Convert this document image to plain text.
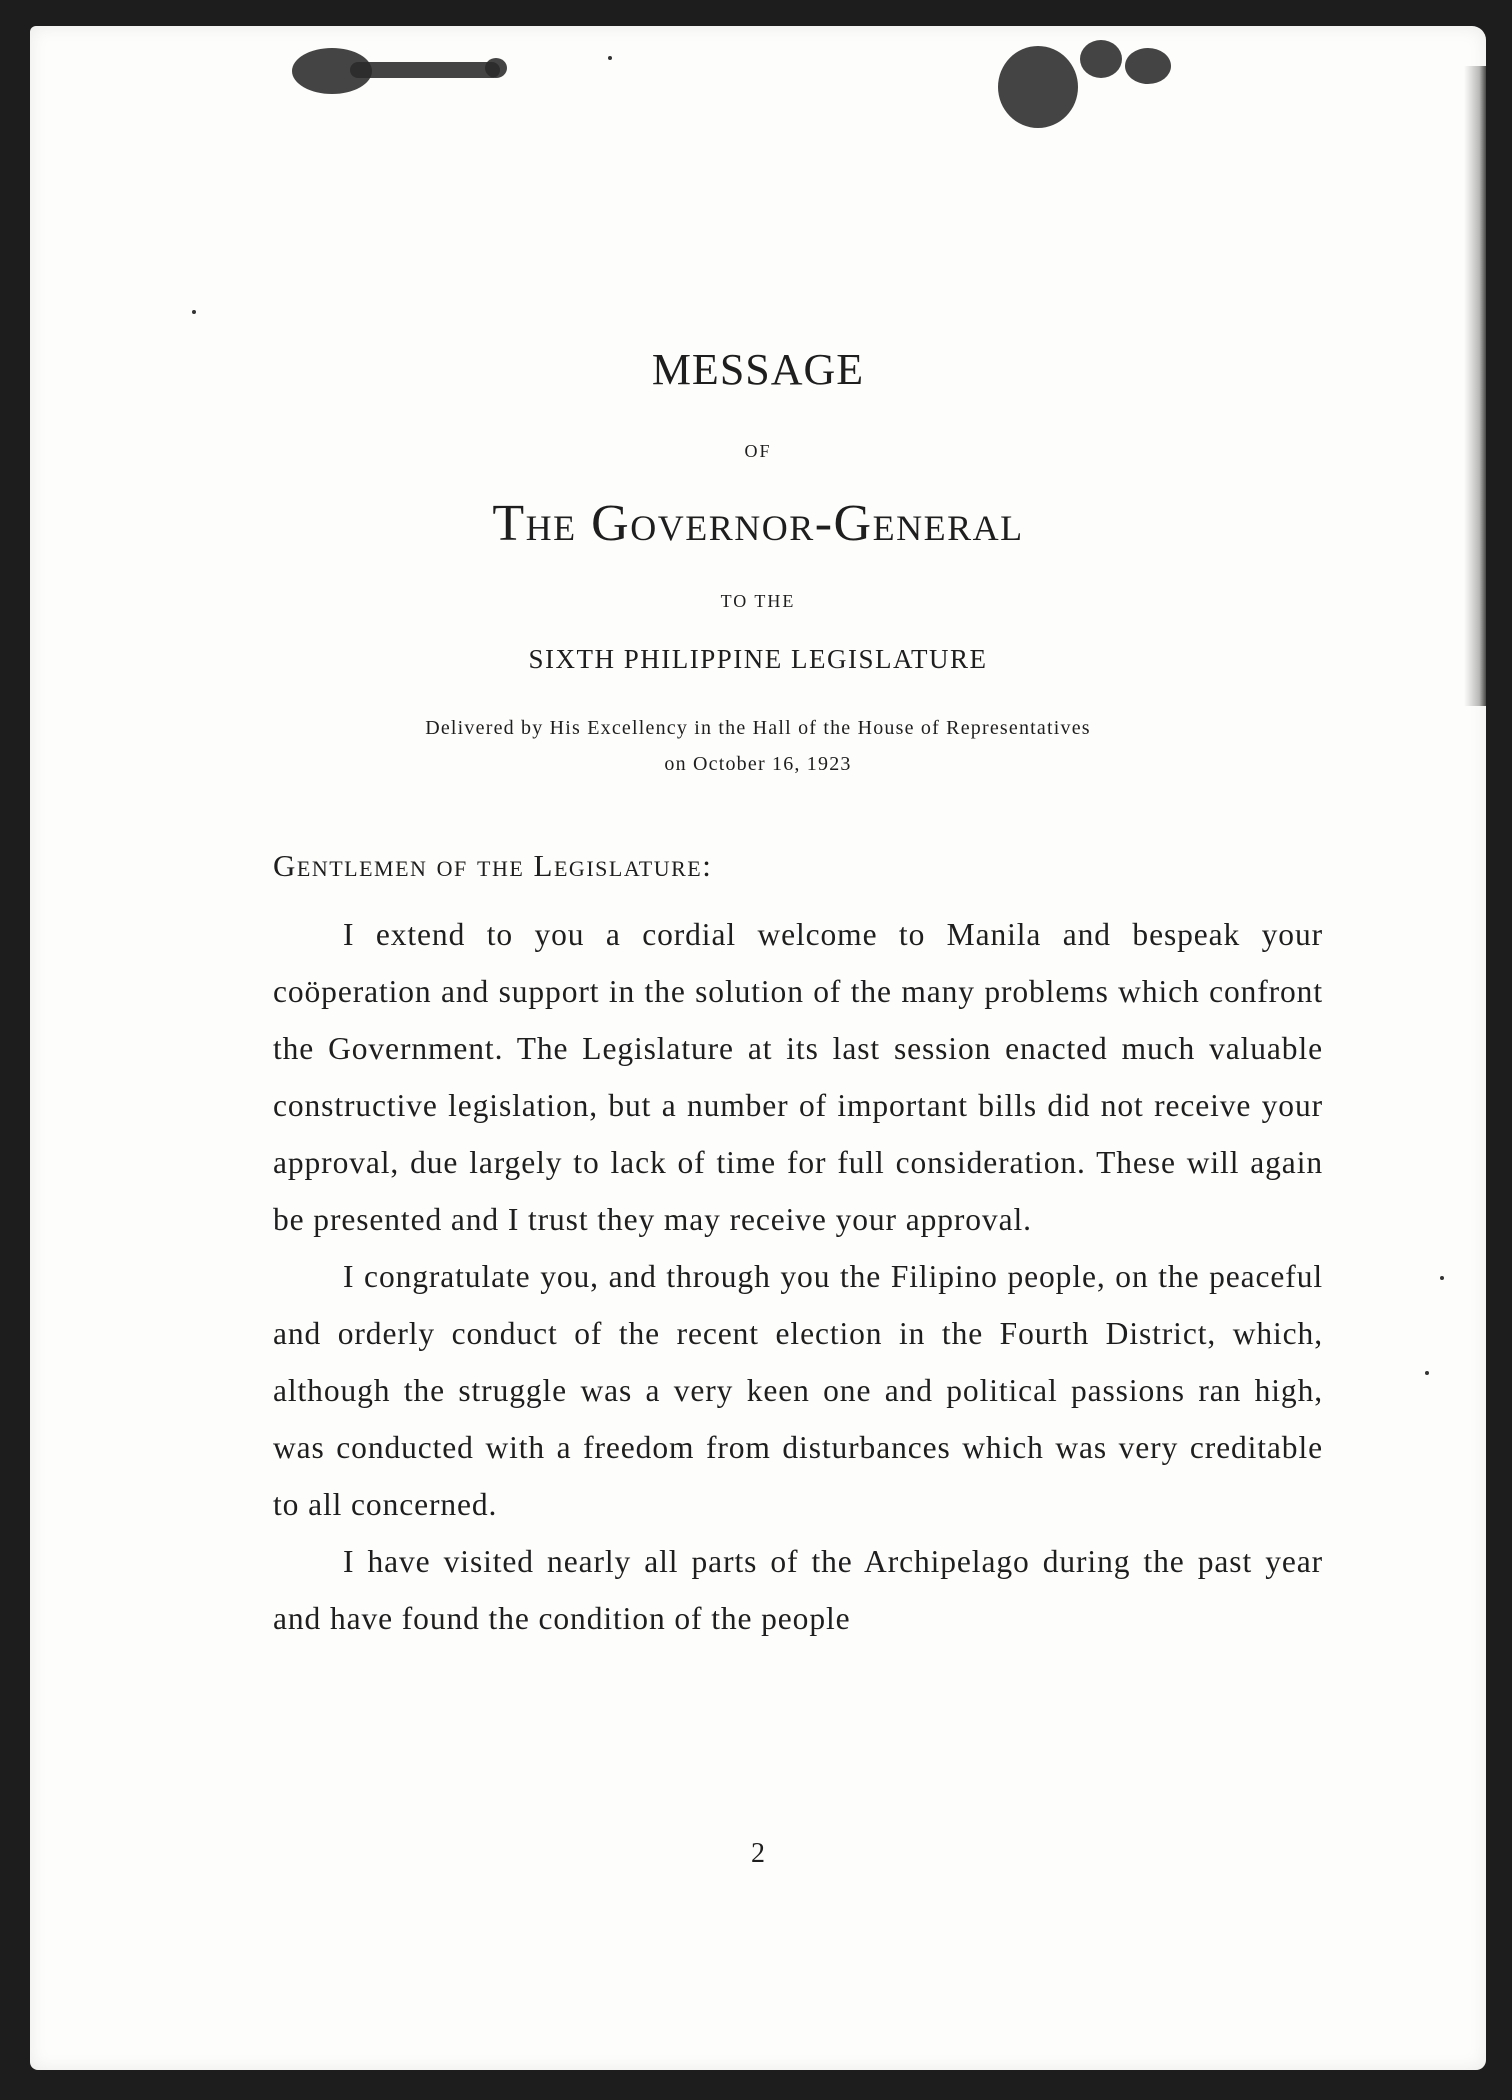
MESSAGE
OF
The Governor-General
TO THE
SIXTH PHILIPPINE LEGISLATURE
Delivered by His Excellency in the Hall of the House of Representatives
on October 16, 1923
Gentlemen of the Legislature:

I extend to you a cordial welcome to Manila and bespeak your coöperation and support in the solution of the many problems which confront the Government. The Legislature at its last session enacted much valuable constructive legislation, but a number of important bills did not receive your approval, due largely to lack of time for full consideration. These will again be presented and I trust they may receive your approval.

I congratulate you, and through you the Filipino people, on the peaceful and orderly conduct of the recent election in the Fourth District, which, although the struggle was a very keen one and political passions ran high, was conducted with a freedom from disturbances which was very creditable to all concerned.

I have visited nearly all parts of the Archipelago during the past year and have found the condition of the people

2
